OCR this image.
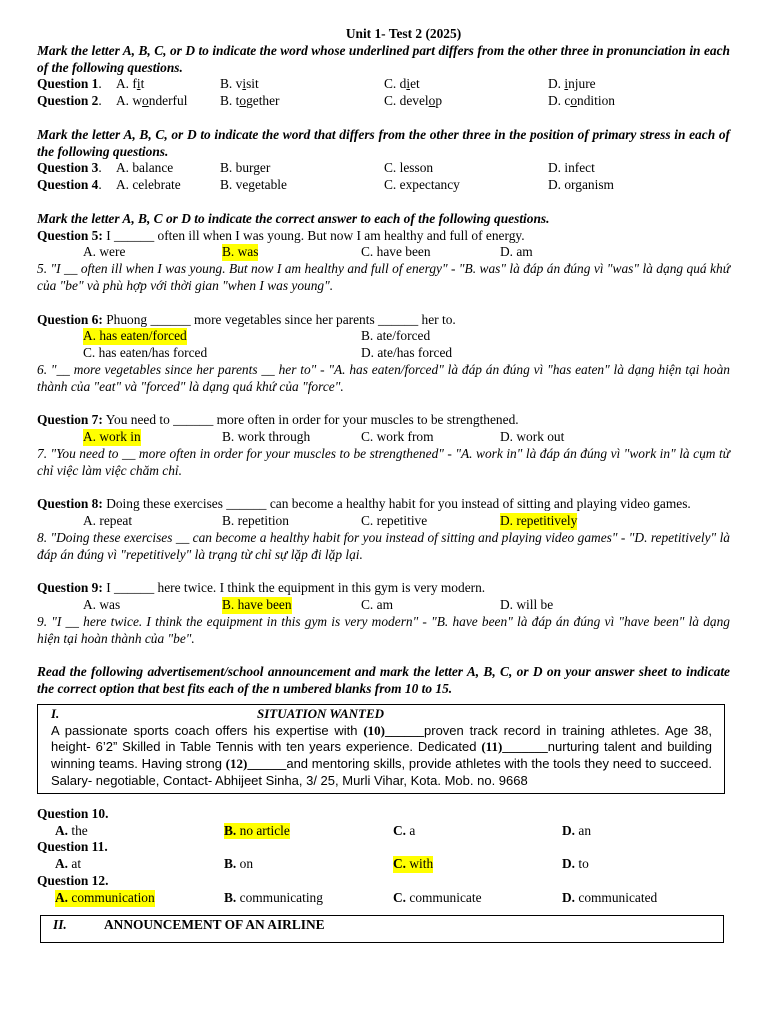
Unit 1- Test 2 (2025)
Mark the letter A, B, C, or D to indicate the word whose underlined part differs from the other three in pronunciation in each of the following questions.
Question 1. A. fit	B. visit	C. diet	D. injure
Question 2. A. wonderful B. together	C. develop	D. condition
Mark the letter A, B, C, or D to indicate the word that differs from the other three in the position of primary stress in each of the following questions.
Question 3. A. balance	B. burger	C. lesson	D. infect
Question 4. A. celebrate	B. vegetable	C. expectancy	D. organism
Mark the letter A, B, C or D to indicate the correct answer to each of the following questions.
Question 5: I ______ often ill when I was young. But now I am healthy and full of energy.
A. were	B. was	C. have been	D. am
5. "I __ often ill when I was young. But now I am healthy and full of energy" - "B. was" là đáp án đúng vì "was" là dạng quá khứ của "be" và phù hợp với thời gian "when I was young".
Question 6: Phuong ______ more vegetables since her parents ______ her to.
A. has eaten/forced	B. ate/forced
C. has eaten/has forced	D. ate/has forced
6. "__ more vegetables since her parents __ her to" - "A. has eaten/forced" là đáp án đúng vì "has eaten" là dạng hiện tại hoàn thành của "eat" và "forced" là dạng quá khứ của "force".
Question 7: You need to ______ more often in order for your muscles to be strengthened.
A. work in	B. work through	C. work from	D. work out
7. "You need to __ more often in order for your muscles to be strengthened" - "A. work in" là đáp án đúng vì "work in" là cụm từ chỉ việc làm việc chăm chỉ.
Question 8: Doing these exercises ______ can become a healthy habit for you instead of sitting and playing video games.
A. repeat	B. repetition	C. repetitive	D. repetitively
8. "Doing these exercises __ can become a healthy habit for you instead of sitting and playing video games" - "D. repetitively" là đáp án đúng vì "repetitively" là trạng từ chỉ sự lặp đi lặp lại.
Question 9: I ______ here twice. I think the equipment in this gym is very modern.
A. was	B. have been	C. am	D. will be
9. "I __ here twice. I think the equipment in this gym is very modern" - "B. have been" là đáp án đúng vì "have been" là dạng hiện tại hoàn thành của "be".
Read the following advertisement/school announcement and mark the letter A, B, C, or D on your answer sheet to indicate the correct option that best fits each of the n umbered blanks from 10 to 15.
I.	SITUATION WANTED
A passionate sports coach offers his expertise with (10)______proven track record in training athletes. Age 38, height- 6’2” Skilled in Table Tennis with ten years experience. Dedicated (11)_______nurturing talent and building winning teams. Having strong (12)______and mentoring skills, provide athletes with the tools they need to succeed. Salary- negotiable, Contact- Abhijeet Sinha, 3/ 25, Murli Vihar, Kota. Mob. no. 9668
Question 10.
A. the	B. no article	C. a	D. an
Question 11.
A. at	B. on	C. with	D. to
Question 12.
A. communication	B. communicating	C. communicate	D. communicated
II.	ANNOUNCEMENT OF AN AIRLINE
